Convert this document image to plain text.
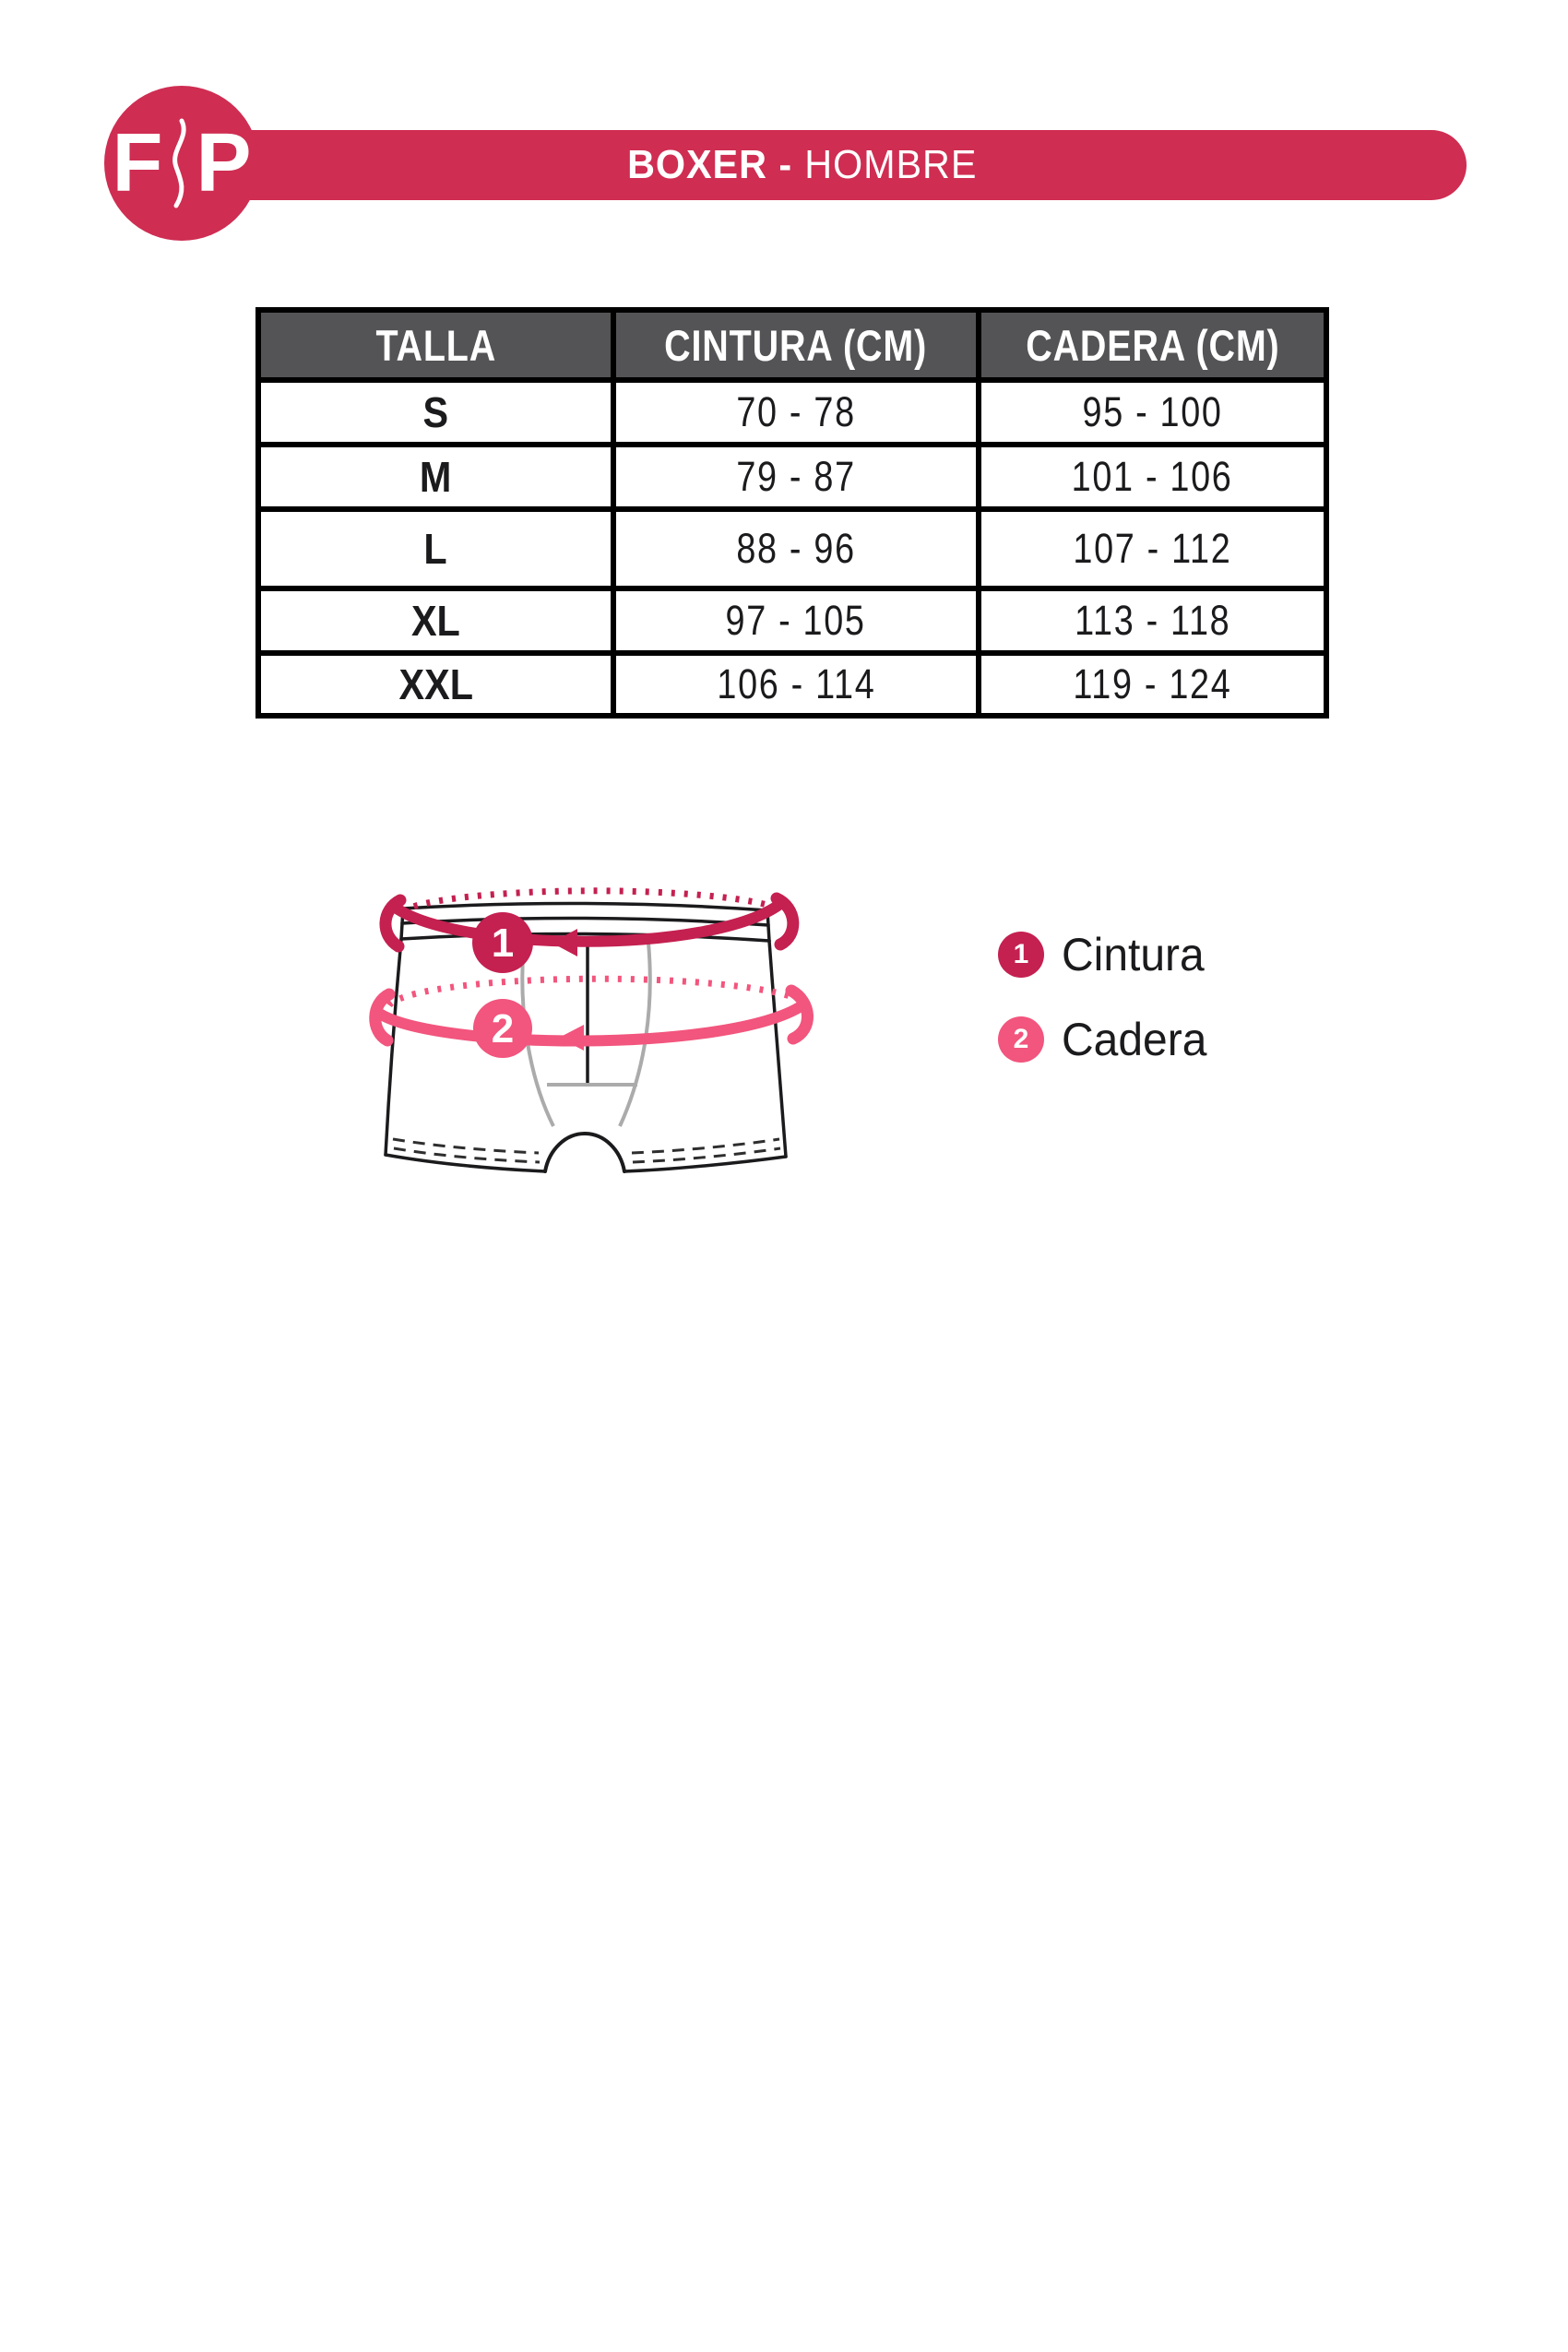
F P	BOXER - HOMBRE
TALLA	CINTURA (CM)	CADERA (CM)
S	70 - 78	95 - 100
M	79 - 87	101 - 106
L	88 - 96	107 - 112
XL	97 - 105	113 - 118
XXL	106 - 114	119 - 124
1
2
1 Cintura
2 Cadera
